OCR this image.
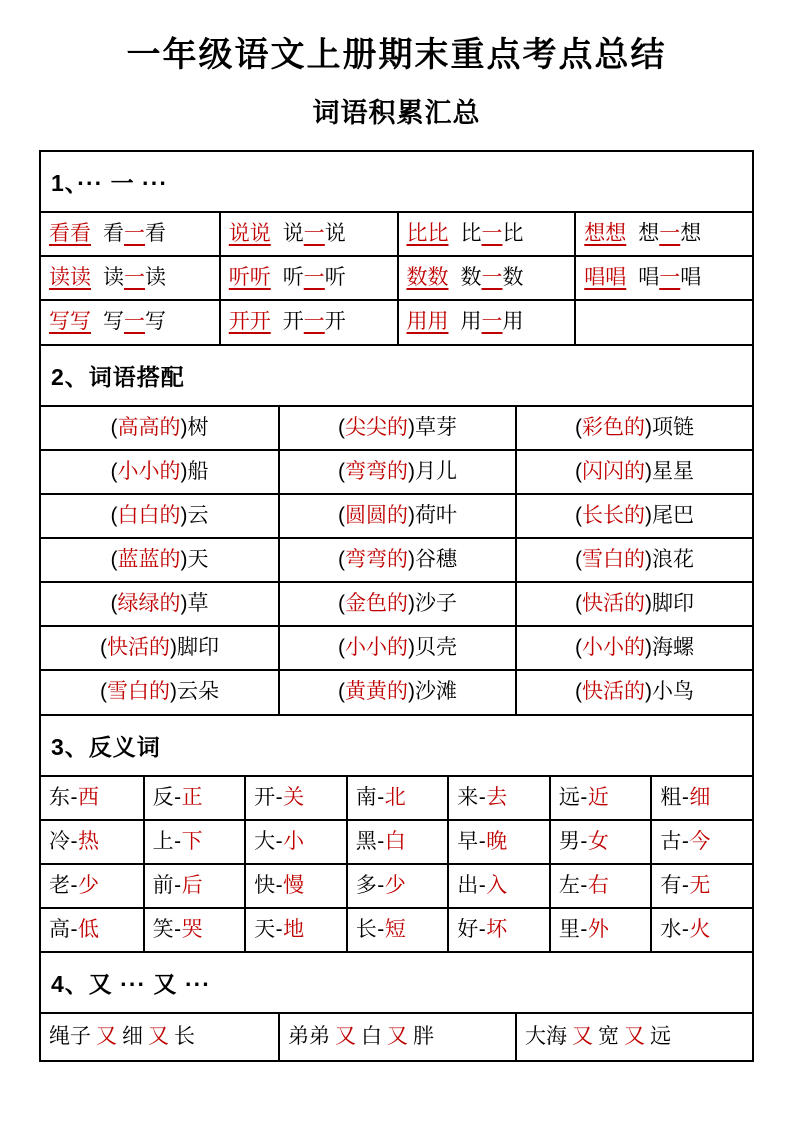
一年级语文上册期末重点考点总结
词语积累汇总
1、··· 一 ···
看看 看一看	说说 说一说	比比 比一比	想想 想一想
读读 读一读	听听 听一听	数数 数一数	唱唱 唱一唱
写写 写一写	开开 开一开	用用 用一用
2、词语搭配
(高高的)树	(尖尖的)草芽	(彩色的)项链
(小小的)船	(弯弯的)月儿	(闪闪的)星星
(白白的)云	(圆圆的)荷叶	(长长的)尾巴
(蓝蓝的)天	(弯弯的)谷穗	(雪白的)浪花
(绿绿的)草	(金色的)沙子	(快活的)脚印
(快活的)脚印	(小小的)贝壳	(小小的)海螺
(雪白的)云朵	(黄黄的)沙滩	(快活的)小鸟
3、反义词
东-西	反-正	开-关	南-北	来-去	远-近	粗-细
冷-热	上-下	大-小	黑-白	早-晚	男-女	古-今
老-少	前-后	快-慢	多-少	出-入	左-右	有-无
高-低	笑-哭	天-地	长-短	好-坏	里-外	水-火
4、又 ··· 又 ···
绳子 又 细 又 长	弟弟 又 白 又 胖	大海 又 宽 又 远
